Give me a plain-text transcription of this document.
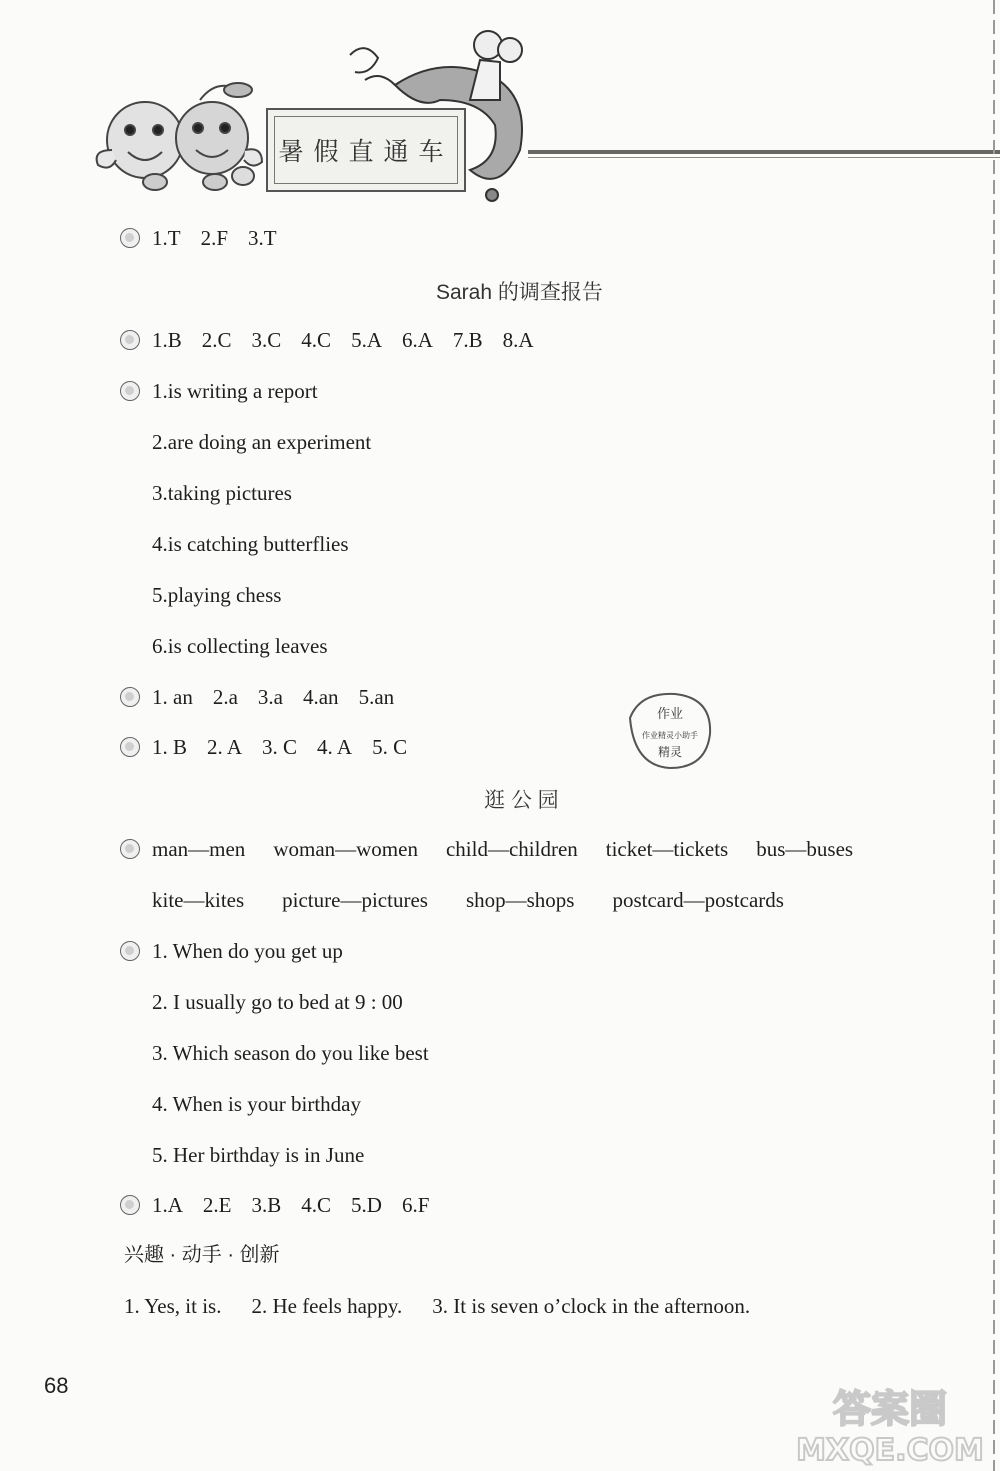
暑假直通车
1.T 2.F 3.T
Sarah 的调查报告
1.B 2.C 3.C 4.C 5.A 6.A 7.B 8.A
1.is writing a report
2.are doing an experiment
3.taking pictures
4.is catching butterflies
5.playing chess
6.is collecting leaves
1. an 2.a 3.a 4.an 5.an
1. B 2. A 3. C 4. A 5. C
逛 公 园
man—men woman—women child—children ticket—tickets bus—buses
kite—kites picture—pictures shop—shops postcard—postcards
1. When do you get up
2. I usually go to bed at 9 : 00
3. Which season do you like best
4. When is your birthday
5. Her birthday is in June
1.A 2.E 3.B 4.C 5.D 6.F
兴趣 · 动手 · 创新
1. Yes, it is. 2. He feels happy. 3. It is seven o’clock in the afternoon.
作业
作业精灵小助手
精灵
68
答案圈
MXQE.COM
